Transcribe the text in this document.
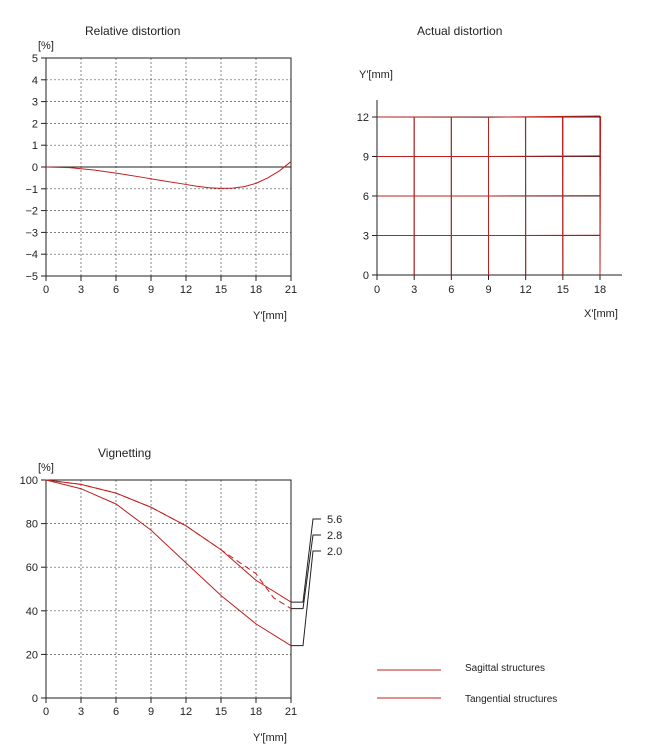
Relative distortion
[%]
Y'[mm]
0	3	6	9 12 15 18 21
5
4
3
2
1
0
−1
−2
−3
−4
−5
Actual distortion
Y'[mm]
X'[mm]
0	3	6	9	12 15 18
0
3
6
9
12
Vignetting
[%]
Y'[mm]
0	3	6	9 12 15 18 21
0
20
40
60
80
100
5.6
2.8
2.0
Sagittal structures
Tangential structures
